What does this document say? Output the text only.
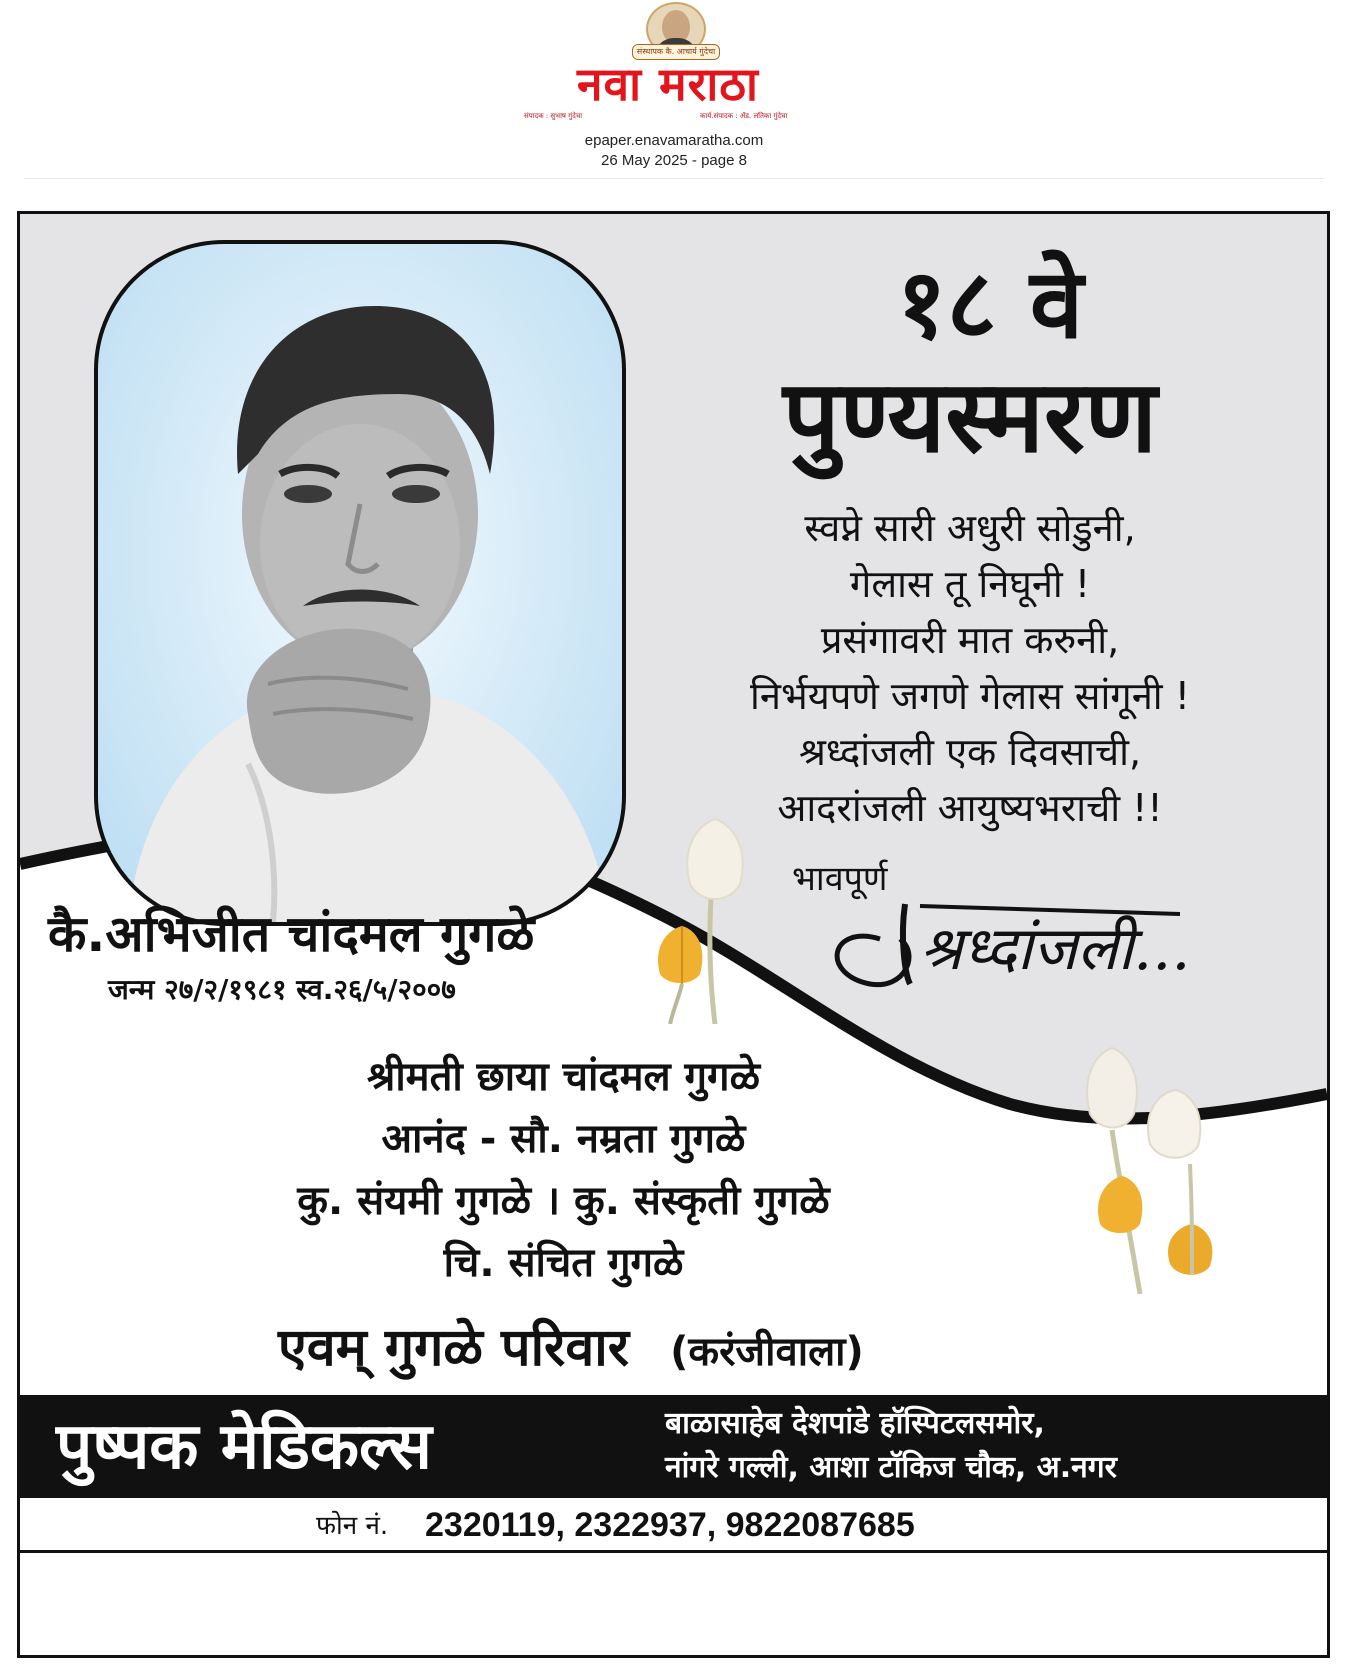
संस्थापक कै. आचार्य गुंदेचा
नवा मराठा
संपादक : सुभाष गुंदेचा	कार्य.संपादक : ॲड. लतिका गुंदेचा
epaper.enavamaratha.com
26 May 2025 - page 8
१८ वे
पुण्यस्मरण
स्वप्ने सारी अधुरी सोडुनी,
गेलास तू निघूनी !
प्रसंगावरी मात करुनी,
निर्भयपणे जगणे गेलास सांगूनी !
श्रध्दांजली एक दिवसाची,
आदरांजली आयुष्यभराची !!
भावपूर्ण
श्रध्दांजली...
कै.अभिजीत चांदमल गुगळे
जन्म २७/२/१९८१ स्व.२६/५/२००७
श्रीमती छाया चांदमल गुगळे
आनंद - सौ. नम्रता गुगळे
कु. संयमी गुगळे । कु. संस्कृती गुगळे
चि. संचित गुगळे
एवम् गुगळे परिवार (करंजीवाला)
पुष्पक मेडिकल्स	बाळासाहेब देशपांडे हॉस्पिटलसमोर,
नांगरे गल्ली, आशा टॉकिज चौक, अ.नगर
फोन नं. 2320119, 2322937, 9822087685
